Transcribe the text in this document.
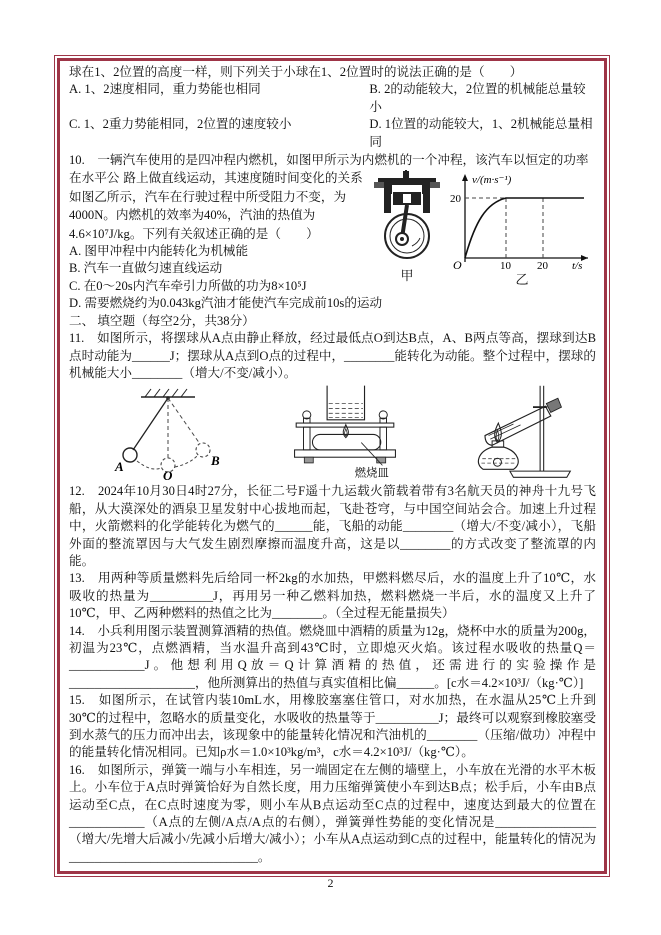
球在1、2位置的高度一样，则下列关于小球在1、2位置时的说法正确的是（　　）
A. 1、2速度相同，重力势能也相同	B. 2的动能较大，2位置的机械能总量较小
C. 1、2重力势能相同，2位置的速度较小	D. 1位置的动能较大，1、2机械能总量相同
10.　一辆汽车使用的是四冲程内燃机，如图甲所示为内燃机的一个冲程，该汽车以恒定的功率在水平公
甲
v/(m·s⁻¹)
20
O	10 20 t/s
乙
路上做直线运动，其速度随时间变化的关系如图乙所示，汽车在行驶过程中所受阻力不变，为4000N。内燃机的效率为40%，汽油的热值为4.6×10⁷J/kg。下列有关叙述正确的是（　　）
A. 图甲冲程中内能转化为机械能
B. 汽车一直做匀速直线运动
C. 在0～20s内汽车牵引力所做的功为8×10⁵J
D. 需要燃烧约为0.043kg汽油才能使汽车完成前10s的运动
二、 填空题（每空2分，共38分）
11.　如图所示，将摆球从A点由静止释放，经过最低点O到达B点，A、B两点等高，摆球到达B点时动能为______J；摆球从A点到O点的过程中，________能转化为动能。整个过程中，摆球的机械能大小________（增大/不变/减小）。
A
O
B
燃烧皿
12.　2024年10月30日4时27分，长征二号F遥十九运载火箭载着带有3名航天员的神舟十九号飞船，从大漠深处的酒泉卫星发射中心拔地而起，飞赴苍穹，与中国空间站会合。加速上升过程中，火箭燃料的化学能转化为燃气的______能，飞船的动能________（增大/不变/减小），飞船外面的整流罩因与大气发生剧烈摩擦而温度升高，这是以________的方式改变了整流罩的内能。
13.　用两种等质量燃料先后给同一杯2kg的水加热，甲燃料燃尽后，水的温度上升了10℃，水吸收的热量为__________J，再用另一种乙燃料加热，燃料燃烧一半后，水的温度又上升了10℃，甲、乙两种燃料的热值之比为________。（全过程无能量损失）
14.　小兵利用图示装置测算酒精的热值。燃烧皿中酒精的质量为12g，烧杯中水的质量为200g，初温为23℃，点燃酒精，当水温升高到43℃时，立即熄灭火焰。该过程水吸收的热量Q＝____________J。他想利用Q放＝Q计算酒精的热值，还需进行的实验操作是____________________，他所测算出的热值与真实值相比偏______。[c水＝4.2×10³J/（kg·℃）]
15.　如图所示，在试管内装10mL水，用橡胶塞塞住管口，对水加热，在水温从25℃上升到30℃的过程中，忽略水的质量变化，水吸收的热量等于__________J；最终可以观察到橡胶塞受到水蒸气的压力而冲出去，该现象中的能量转化情况和汽油机的________（压缩/做功）冲程中的能量转化情况相同。已知ρ水＝1.0×10³kg/m³，c水＝4.2×10³J/（kg·℃）。
16.　如图所示，弹簧一端与小车相连，另一端固定在左侧的墙壁上，小车放在光滑的水平木板上。小车位于A点时弹簧恰好为自然长度，用力压缩弹簧使小车到达B点；松手后，小车由B点运动至C点，在C点时速度为零，则小车从B点运动至C点的过程中，速度达到最大的位置在____________（A点的左侧/A点/A点的右侧），弹簧弹性势能的变化情况是________________（增大/先增大后减小/先减小后增大/减小）；小车从A点运动到C点的过程中，能量转化的情况为______________________________。
2
